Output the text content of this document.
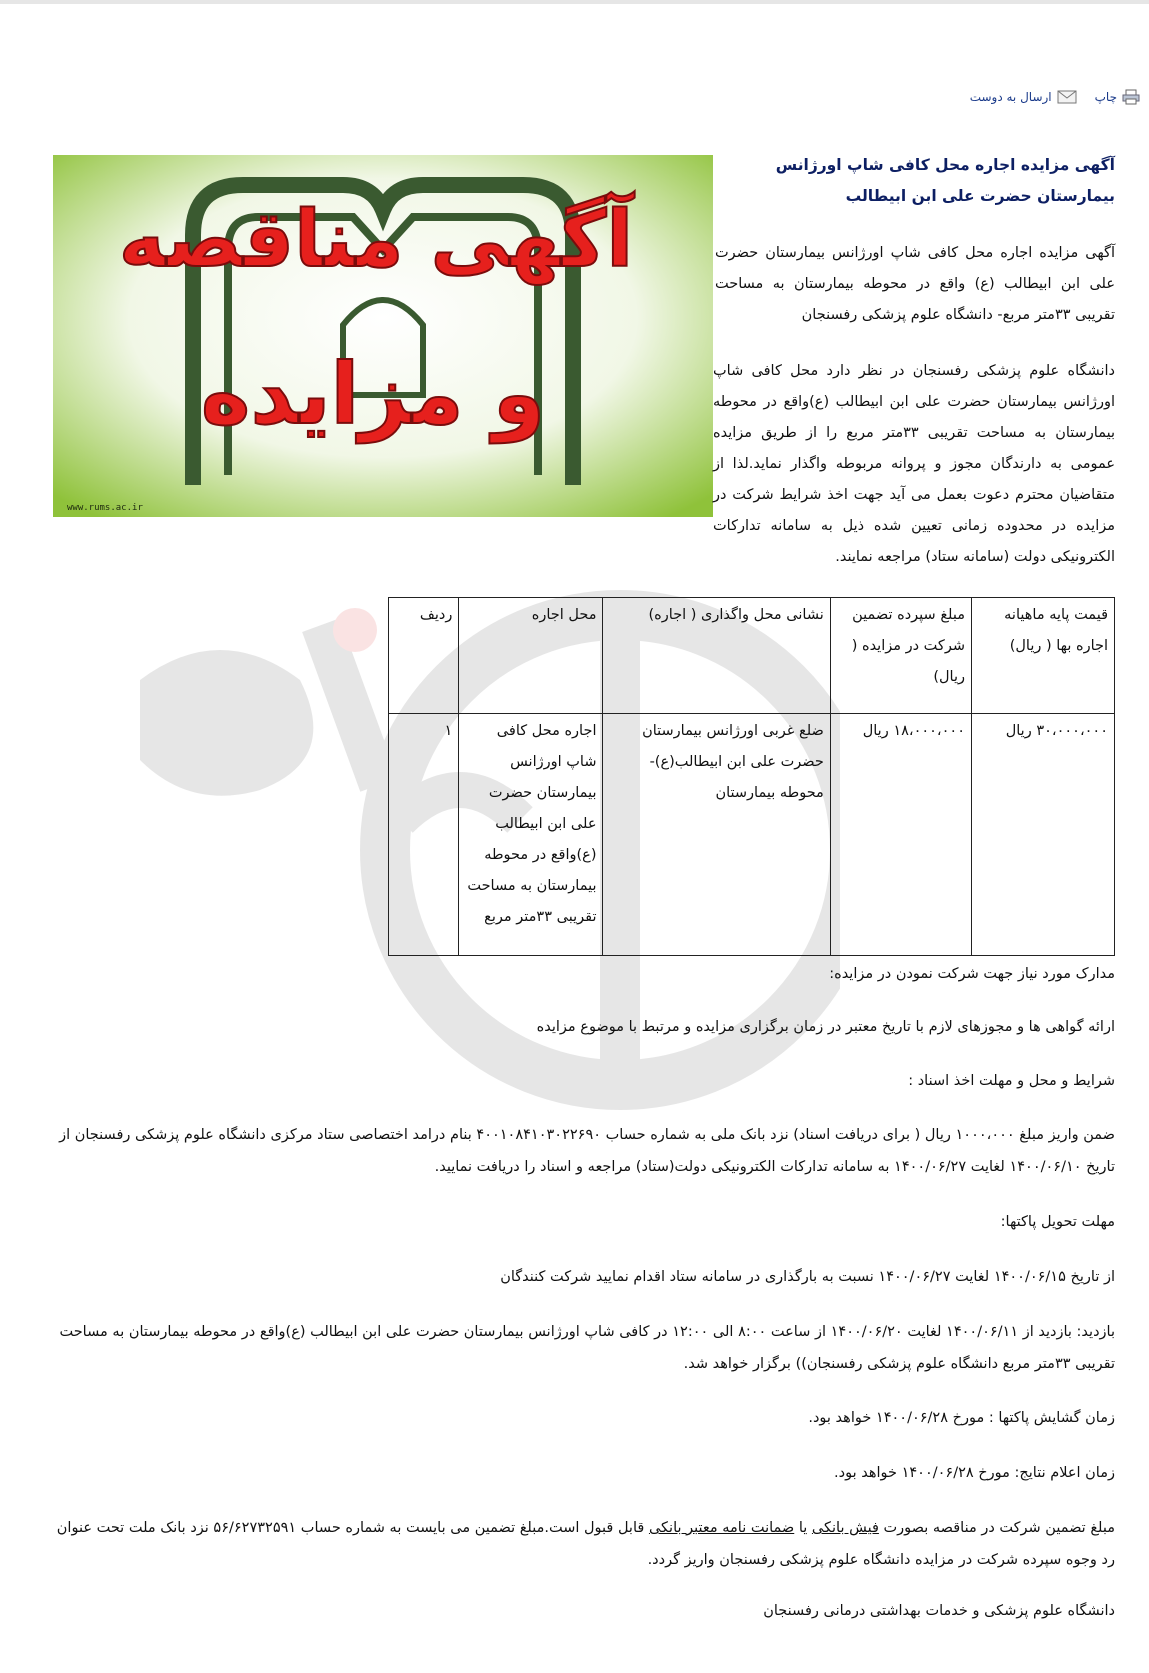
چاپ
ارسال به دوست
آگهی مناقصه
و مزایده
www.rums.ac.ir
آگهی مزایده اجاره محل کافی شاپ اورژانس بیمارستان حضرت علی ابن ابیطالب
آگهی مزایده اجاره محل کافی شاپ اورژانس بیمارستان حضرت علی ابن ابیطالب (ع) واقع در محوطه بیمارستان به مساحت تقریبی ۳۳متر مربع- دانشگاه علوم پزشکی رفسنجان
دانشگاه علوم پزشکی رفسنجان در نظر دارد محل کافی شاپ اورژانس بیمارستان حضرت علی ابن ابیطالب (ع)واقع در محوطه بیمارستان به مساحت تقریبی ۳۳متر مربع را از طریق مزایده عمومی به دارندگان مجوز و پروانه مربوطه واگذار نماید.لذا از متقاضیان محترم دعوت بعمل می آید جهت اخذ شرایط شرکت در مزایده در محدوده زمانی تعیین شده ذیل به سامانه تدارکات الکترونیکی دولت (سامانه ستاد) مراجعه نمایند.
قیمت پایه ماهیانه اجاره بها ( ریال)	مبلغ سپرده تضمین شرکت در مزایده ( ریال)	نشانی محل واگذاری ( اجاره)	محل اجاره	ردیف
۳۰،۰۰۰،۰۰۰ ریال	۱۸،۰۰۰،۰۰۰ ریال	ضلع غربی اورژانس بیمارستان حضرت علی ابن ابیطالب(ع)- محوطه بیمارستان	اجاره محل کافی شاپ اورژانس بیمارستان حضرت علی ابن ابیطالب (ع)واقع در محوطه بیمارستان به مساحت تقریبی ۳۳متر مربع	۱
مدارک مورد نیاز جهت شرکت نمودن در مزایده:
ارائه گواهی ها و مجوزهای لازم با تاریخ معتبر در زمان برگزاری مزایده و مرتبط با موضوع مزایده
شرایط و محل و مهلت اخذ اسناد :
ضمن واریز مبلغ ۱۰۰۰،۰۰۰ ریال ( برای دریافت اسناد) نزد بانک ملی به شماره حساب ۴۰۰۱۰۸۴۱۰۳۰۲۲۶۹۰ بنام درامد اختصاصی ستاد مرکزی دانشگاه علوم پزشکی رفسنجان از تاریخ ۱۴۰۰/۰۶/۱۰ لغایت ۱۴۰۰/۰۶/۲۷ به سامانه تدارکات الکترونیکی دولت(ستاد) مراجعه و اسناد را دریافت نمایید.
مهلت تحویل پاکتها:
از تاریخ ۱۴۰۰/۰۶/۱۵ لغایت ۱۴۰۰/۰۶/۲۷ نسبت به بارگذاری در سامانه ستاد اقدام نمایید شرکت کنندگان
بازدید: بازدید از ۱۴۰۰/۰۶/۱۱ لغایت ۱۴۰۰/۰۶/۲۰ از ساعت ۸:۰۰ الی ۱۲:۰۰ در کافی شاپ اورژانس بیمارستان حضرت علی ابن ابیطالب (ع)واقع در محوطه بیمارستان به مساحت تقریبی ۳۳متر مربع دانشگاه علوم پزشکی رفسنجان)) برگزار خواهد شد.
زمان گشایش پاکتها : مورخ ۱۴۰۰/۰۶/۲۸ خواهد بود.
زمان اعلام نتایج: مورخ ۱۴۰۰/۰۶/۲۸ خواهد بود.
مبلغ تضمین شرکت در مناقصه بصورت فیش بانکی یا ضمانت نامه معتبر بانکی قابل قبول است.مبلغ تضمین می بایست به شماره حساب ۵۶/۶۲۷۳۲۵۹۱ نزد بانک ملت تحت عنوان رد وجوه سپرده شرکت در مزایده دانشگاه علوم پزشکی رفسنجان واریز گردد.
دانشگاه علوم پزشکی و خدمات بهداشتی درمانی رفسنجان
